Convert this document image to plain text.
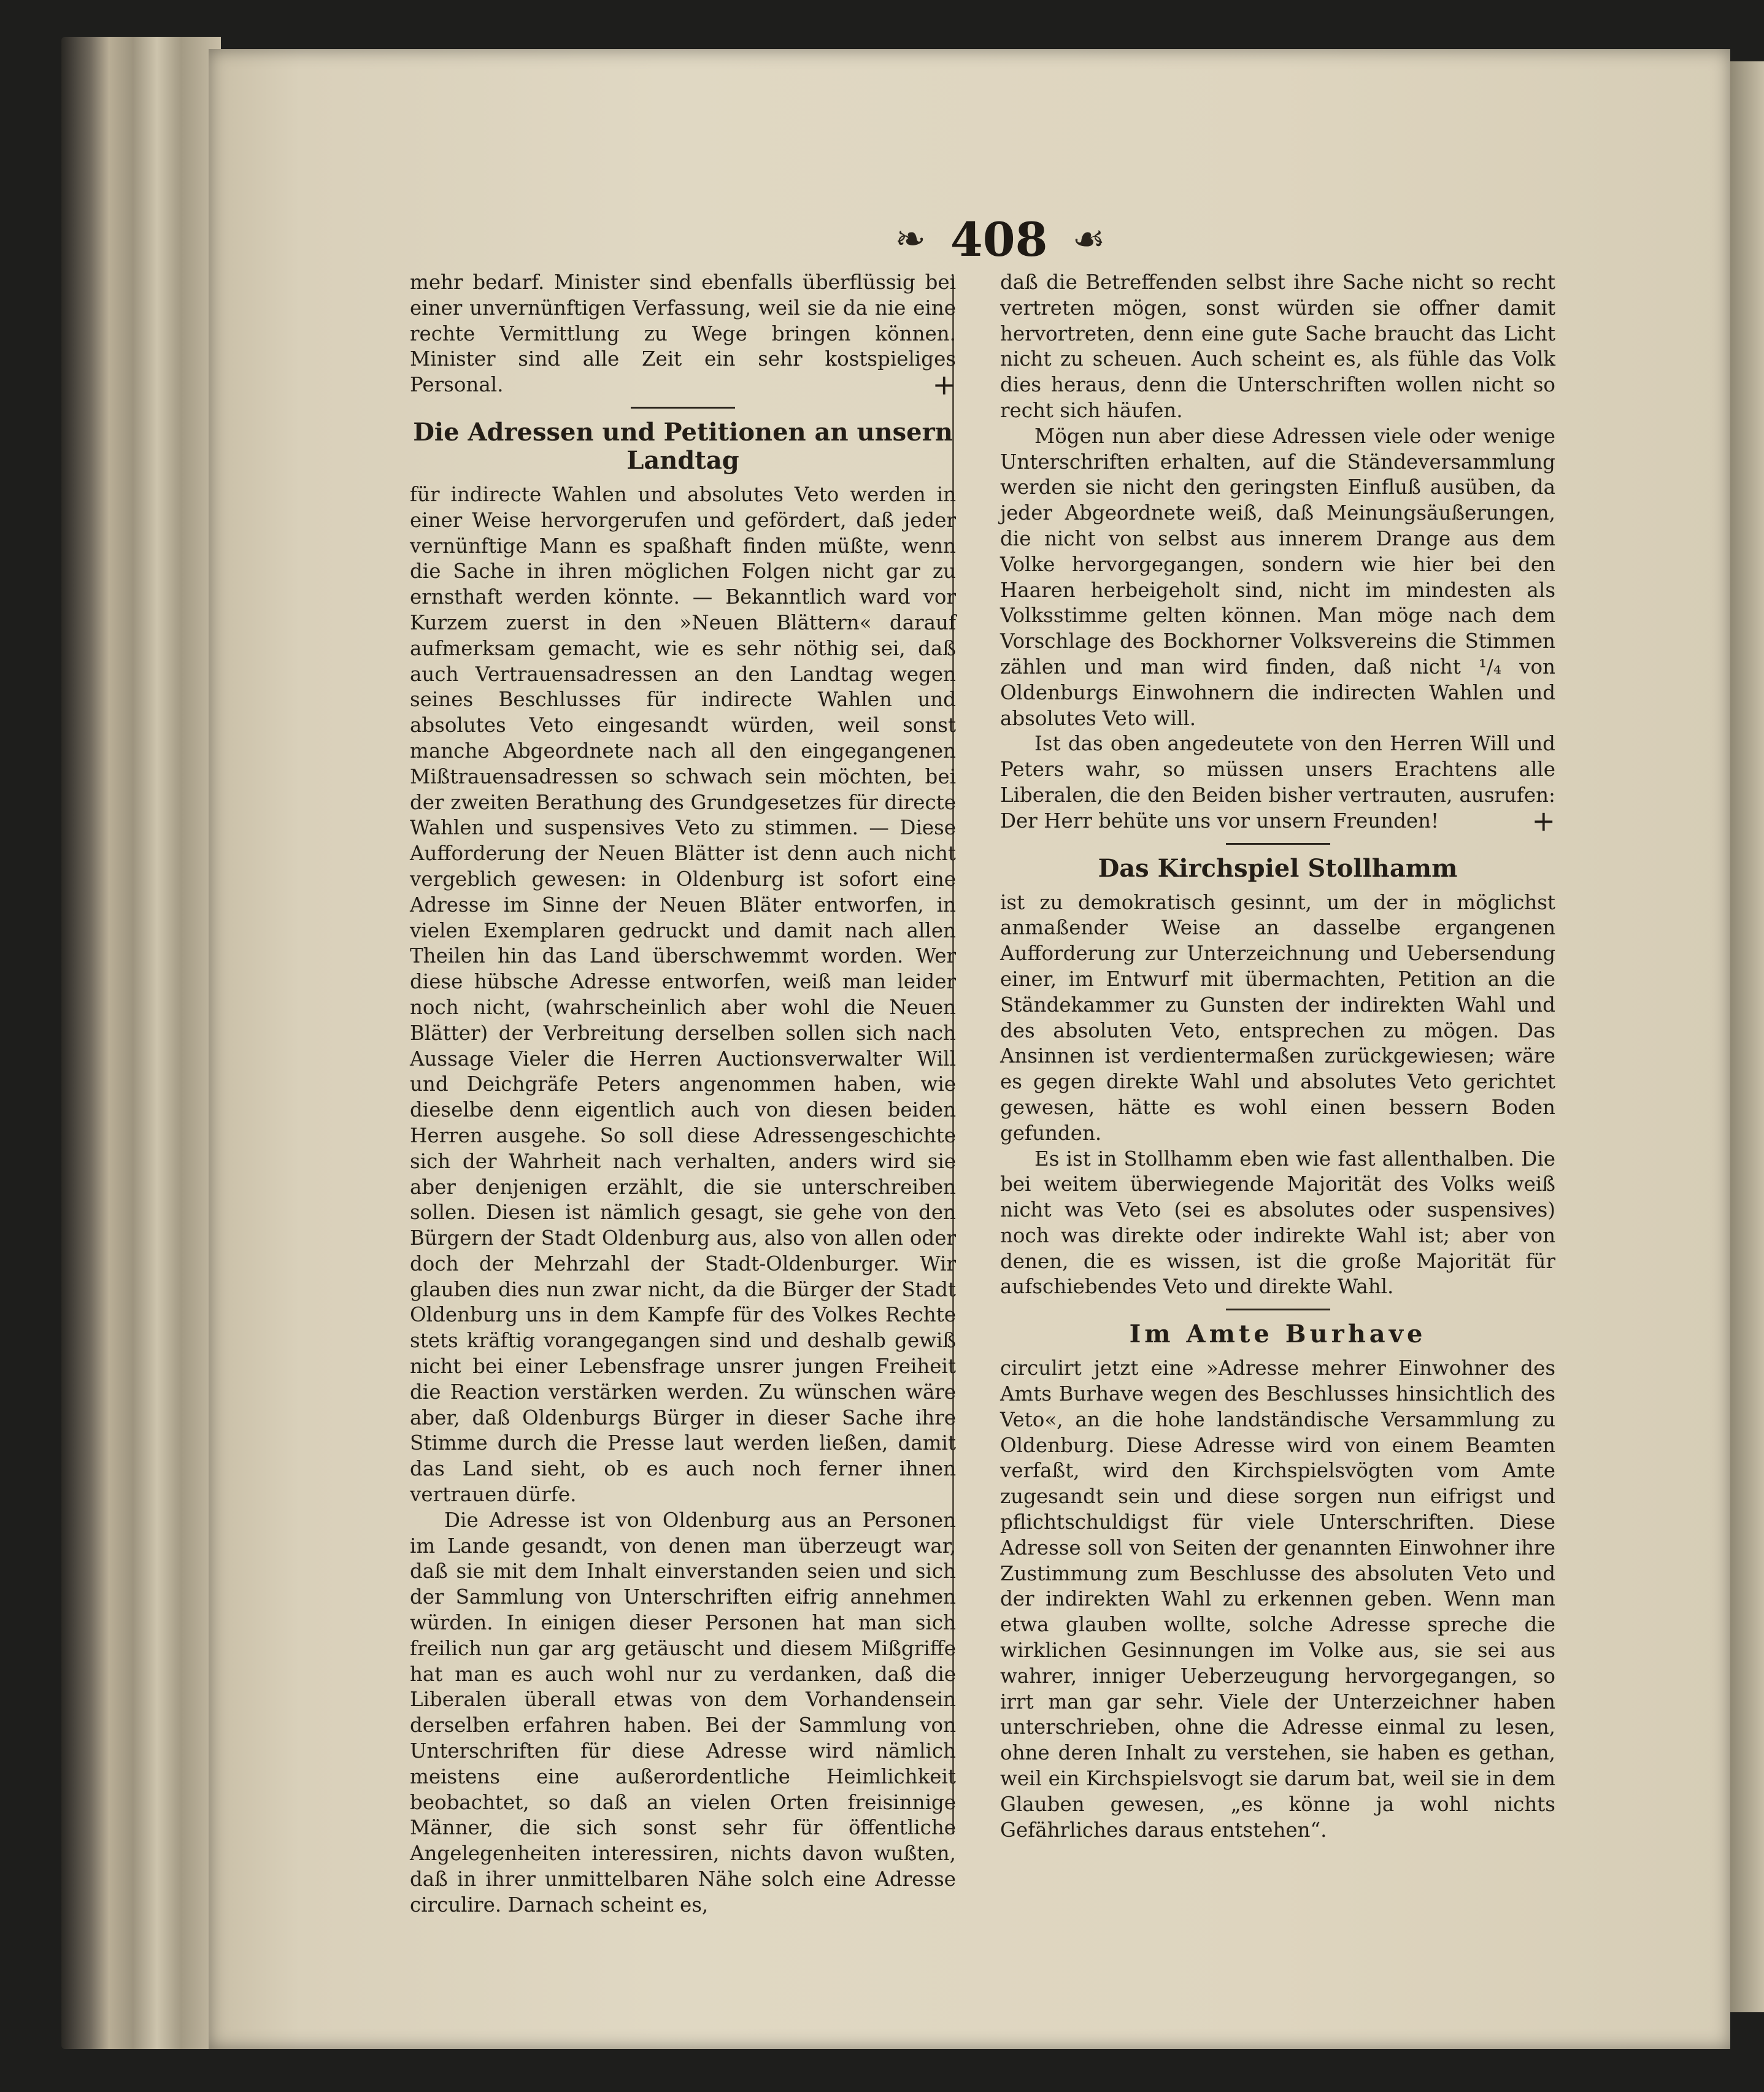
❧ 408 ☙

mehr bedarf. Minister sind ebenfalls überflüssig bei einer unvernünftigen Verfassung, weil sie da nie eine rechte Vermittlung zu Wege bringen können. Minister sind alle Zeit ein sehr kostspieliges Personal.	+

Die Adressen und Petitionen an unsern Landtag

für indirecte Wahlen und absolutes Veto werden in einer Weise hervorgerufen und gefördert, daß jeder vernünftige Mann es spaßhaft finden müßte, wenn die Sache in ihren möglichen Folgen nicht gar zu ernsthaft werden könnte. — Bekanntlich ward vor Kurzem zuerst in den »Neuen Blättern« darauf aufmerksam gemacht, wie es sehr nöthig sei, daß auch Vertrauensadressen an den Landtag wegen seines Beschlusses für indirecte Wahlen und absolutes Veto eingesandt würden, weil sonst manche Abgeordnete nach all den eingegangenen Mißtrauensadressen so schwach sein möchten, bei der zweiten Berathung des Grundgesetzes für directe Wahlen und suspensives Veto zu stimmen. — Diese Aufforderung der Neuen Blätter ist denn auch nicht vergeblich gewesen: in Oldenburg ist sofort eine Adresse im Sinne der Neuen Bläter entworfen, in vielen Exemplaren gedruckt und damit nach allen Theilen hin das Land überschwemmt worden. Wer diese hübsche Adresse entworfen, weiß man leider noch nicht, (wahrscheinlich aber wohl die Neuen Blätter) der Verbreitung derselben sollen sich nach Aussage Vieler die Herren Auctionsverwalter Will und Deichgräfe Peters angenommen haben, wie dieselbe denn eigentlich auch von diesen beiden Herren ausgehe. So soll diese Adressengeschichte sich der Wahrheit nach verhalten, anders wird sie aber denjenigen erzählt, die sie unterschreiben sollen. Diesen ist nämlich gesagt, sie gehe von den Bürgern der Stadt Oldenburg aus, also von allen oder doch der Mehrzahl der Stadt-Oldenburger. Wir glauben dies nun zwar nicht, da die Bürger der Stadt Oldenburg uns in dem Kampfe für des Volkes Rechte stets kräftig vorangegangen sind und deshalb gewiß nicht bei einer Lebensfrage unsrer jungen Freiheit die Reaction verstärken werden. Zu wünschen wäre aber, daß Oldenburgs Bürger in dieser Sache ihre Stimme durch die Presse laut werden ließen, damit das Land sieht, ob es auch noch ferner ihnen vertrauen dürfe.

Die Adresse ist von Oldenburg aus an Personen im Lande gesandt, von denen man überzeugt war, daß sie mit dem Inhalt einverstanden seien und sich der Sammlung von Unterschriften eifrig annehmen würden. In einigen dieser Personen hat man sich freilich nun gar arg getäuscht und diesem Mißgriffe hat man es auch wohl nur zu verdanken, daß die Liberalen überall etwas von dem Vorhandensein derselben erfahren haben. Bei der Sammlung von Unterschriften für diese Adresse wird nämlich meistens eine außerordentliche Heimlichkeit beobachtet, so daß an vielen Orten freisinnige Männer, die sich sonst sehr für öffentliche Angelegenheiten interessiren, nichts davon wußten, daß in ihrer unmittelbaren Nähe solch eine Adresse circulire. Darnach scheint es,

daß die Betreffenden selbst ihre Sache nicht so recht vertreten mögen, sonst würden sie offner damit hervortreten, denn eine gute Sache braucht das Licht nicht zu scheuen. Auch scheint es, als fühle das Volk dies heraus, denn die Unterschriften wollen nicht so recht sich häufen.

Mögen nun aber diese Adressen viele oder wenige Unterschriften erhalten, auf die Ständeversammlung werden sie nicht den geringsten Einfluß ausüben, da jeder Abgeordnete weiß, daß Meinungsäußerungen, die nicht von selbst aus innerem Drange aus dem Volke hervorgegangen, sondern wie hier bei den Haaren herbeigeholt sind, nicht im mindesten als Volksstimme gelten können. Man möge nach dem Vorschlage des Bockhorner Volksvereins die Stimmen zählen und man wird finden, daß nicht ¹/₄ von Oldenburgs Einwohnern die indirecten Wahlen und absolutes Veto will.

Ist das oben angedeutete von den Herren Will und Peters wahr, so müssen unsers Erachtens alle Liberalen, die den Beiden bisher vertrauten, ausrufen: Der Herr behüte uns vor unsern Freunden!	+

Das Kirchspiel Stollhamm

ist zu demokratisch gesinnt, um der in möglichst anmaßender Weise an dasselbe ergangenen Aufforderung zur Unterzeichnung und Uebersendung einer, im Entwurf mit übermachten, Petition an die Ständekammer zu Gunsten der indirekten Wahl und des absoluten Veto, entsprechen zu mögen. Das Ansinnen ist verdientermaßen zurückgewiesen; wäre es gegen direkte Wahl und absolutes Veto gerichtet gewesen, hätte es wohl einen bessern Boden gefunden.

Es ist in Stollhamm eben wie fast allenthalben. Die bei weitem überwiegende Majorität des Volks weiß nicht was Veto (sei es absolutes oder suspensives) noch was direkte oder indirekte Wahl ist; aber von denen, die es wissen, ist die große Majorität für aufschiebendes Veto und direkte Wahl.

Im Amte Burhave

circulirt jetzt eine »Adresse mehrer Einwohner des Amts Burhave wegen des Beschlusses hinsichtlich des Veto«, an die hohe landständische Versammlung zu Oldenburg. Diese Adresse wird von einem Beamten verfaßt, wird den Kirchspielsvögten vom Amte zugesandt sein und diese sorgen nun eifrigst und pflichtschuldigst für viele Unterschriften. Diese Adresse soll von Seiten der genannten Einwohner ihre Zustimmung zum Beschlusse des absoluten Veto und der indirekten Wahl zu erkennen geben. Wenn man etwa glauben wollte, solche Adresse spreche die wirklichen Gesinnungen im Volke aus, sie sei aus wahrer, inniger Ueberzeugung hervorgegangen, so irrt man gar sehr. Viele der Unterzeichner haben unterschrieben, ohne die Adresse einmal zu lesen, ohne deren Inhalt zu verstehen, sie haben es gethan, weil ein Kirchspielsvogt sie darum bat, weil sie in dem Glauben gewesen, „es könne ja wohl nichts Gefährliches daraus entstehen“.
